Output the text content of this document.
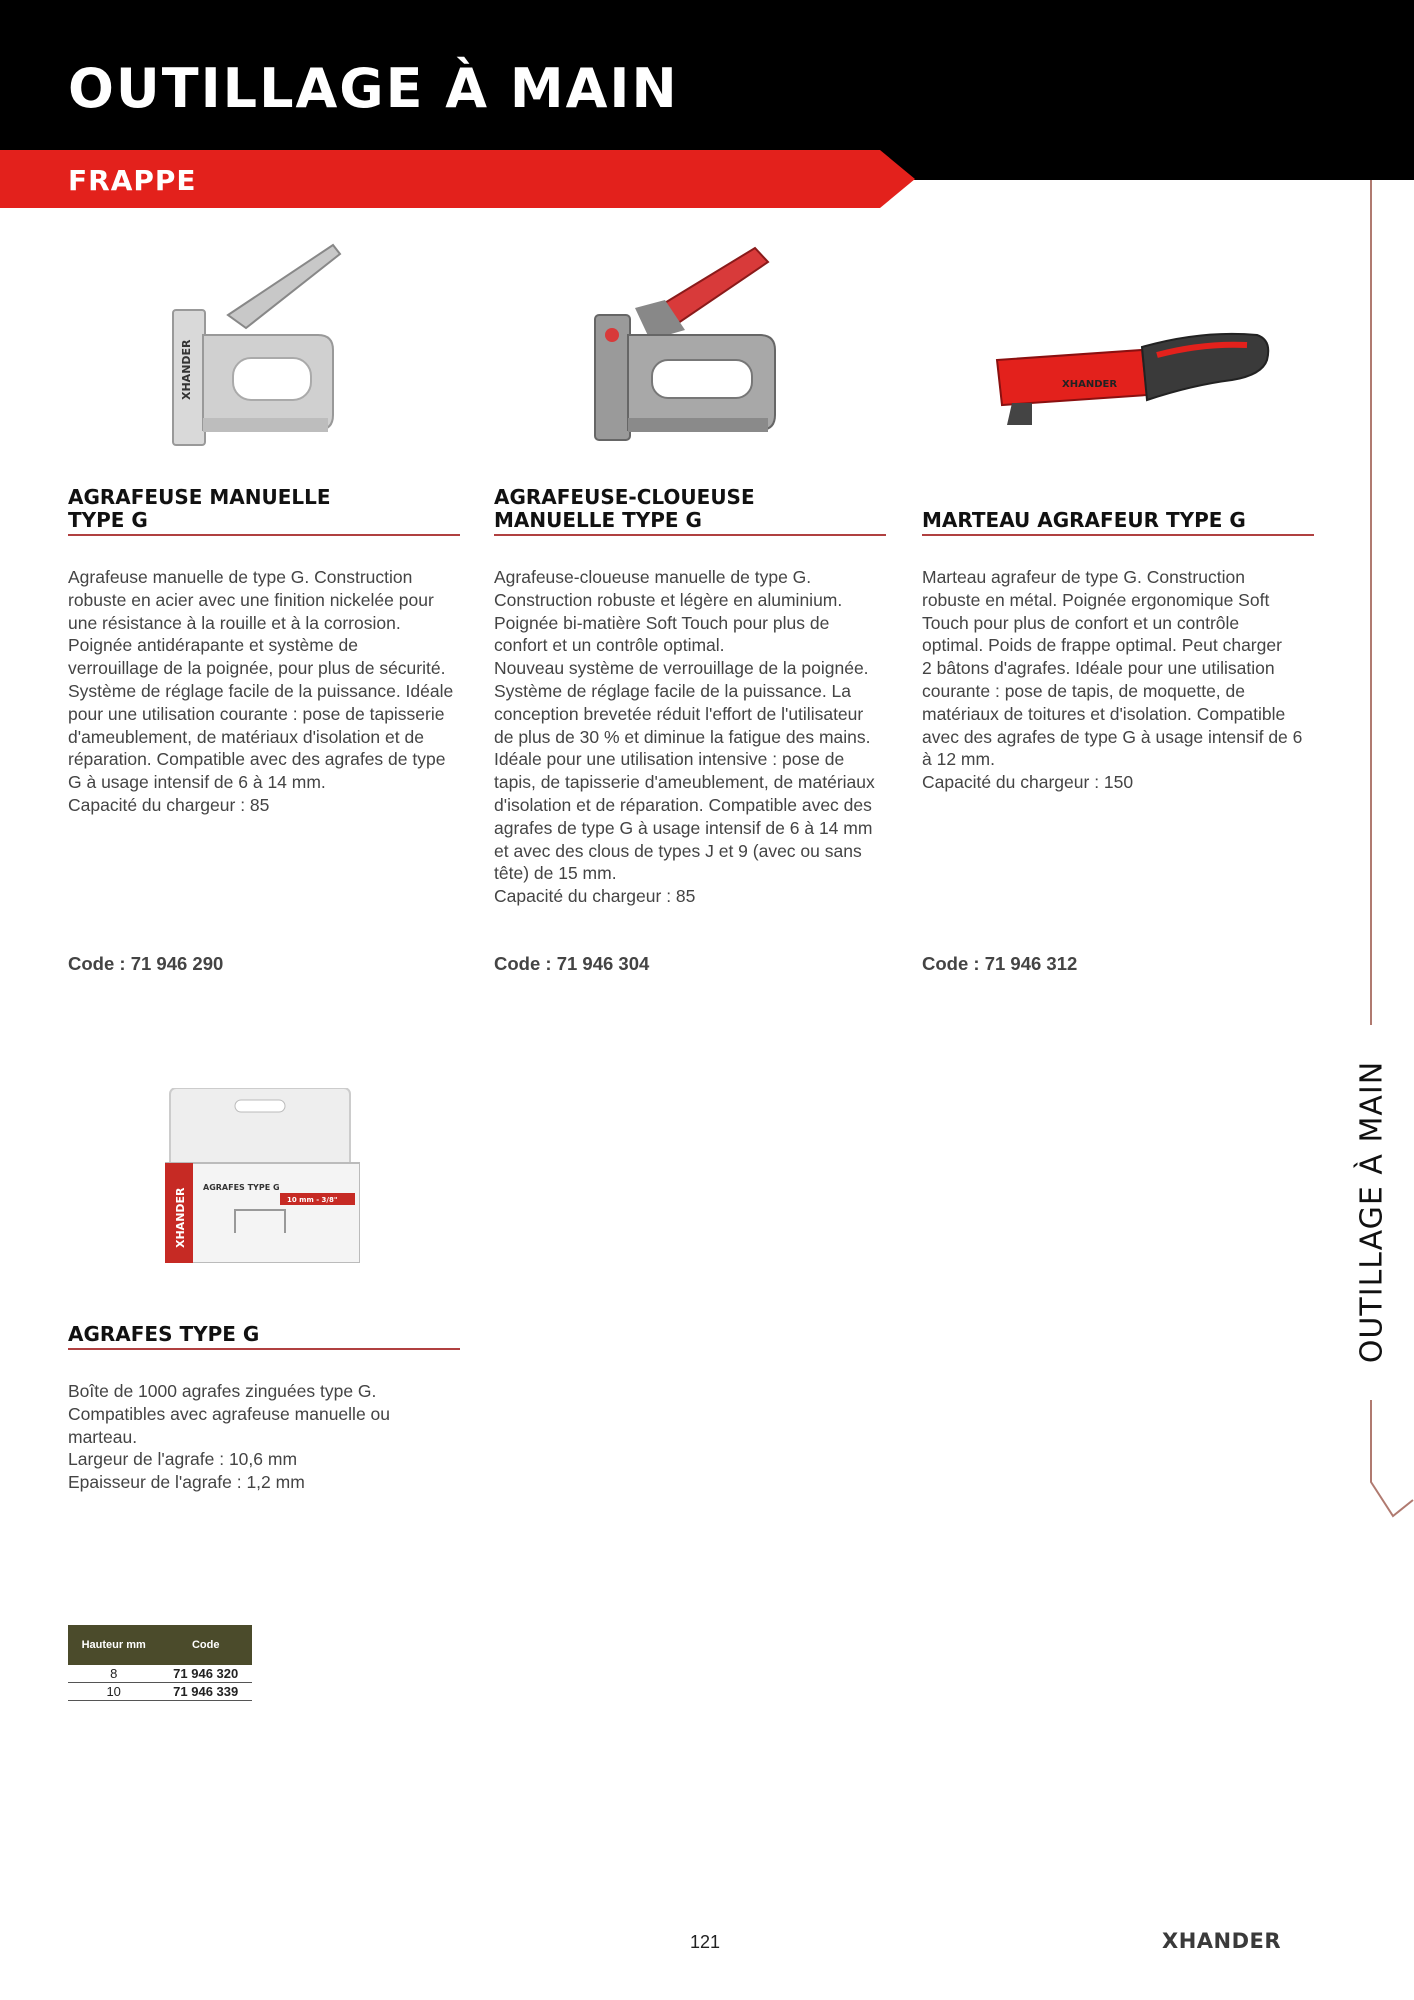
OUTILLAGE À MAIN
FRAPPE
XHANDER
AGRAFEUSE MANUELLE
TYPE G
Agrafeuse manuelle de type G. Construction
robuste en acier avec une finition nickelée pour
une résistance à la rouille et à la corrosion.
Poignée antidérapante et système de
verrouillage de la poignée, pour plus de sécurité.
Système de réglage facile de la puissance. Idéale
pour une utilisation courante : pose de tapisserie
d'ameublement, de matériaux d'isolation et de
réparation. Compatible avec des agrafes de type
G à usage intensif de 6 à 14 mm.
Capacité du chargeur : 85
Code : 71 946 290
AGRAFEUSE-CLOUEUSE
MANUELLE TYPE G
Agrafeuse-cloueuse manuelle de type G.
Construction robuste et légère en aluminium.
Poignée bi-matière Soft Touch pour plus de
confort et un contrôle optimal.
Nouveau système de verrouillage de la poignée.
Système de réglage facile de la puissance. La
conception brevetée réduit l'effort de l'utilisateur
de plus de 30 % et diminue la fatigue des mains.
Idéale pour une utilisation intensive : pose de
tapis, de tapisserie d'ameublement, de matériaux
d'isolation et de réparation. Compatible avec des
agrafes de type G à usage intensif de 6 à 14 mm
et avec des clous de types J et 9 (avec ou sans
tête) de 15 mm.
Capacité du chargeur : 85
Code : 71 946 304
XHANDER
MARTEAU AGRAFEUR TYPE G
Marteau agrafeur de type G. Construction
robuste en métal. Poignée ergonomique Soft
Touch pour plus de confort et un contrôle
optimal. Poids de frappe optimal. Peut charger
2 bâtons d'agrafes. Idéale pour une utilisation
courante : pose de tapis, de moquette, de
matériaux de toitures et d'isolation. Compatible
avec des agrafes de type G à usage intensif de 6
à 12 mm.
Capacité du chargeur : 150
Code : 71 946 312
XHANDER AGRAFES TYPE G
10 mm - 3/8"
AGRAFES TYPE G
Boîte de 1000 agrafes zinguées type G.
Compatibles avec agrafeuse manuelle ou
marteau.
Largeur de l'agrafe : 10,6 mm
Epaisseur de l'agrafe : 1,2 mm
Hauteur mm	Code
8	71 946 320
10	71 946 339
OUTILLAGE À MAIN
121	XHANDER
